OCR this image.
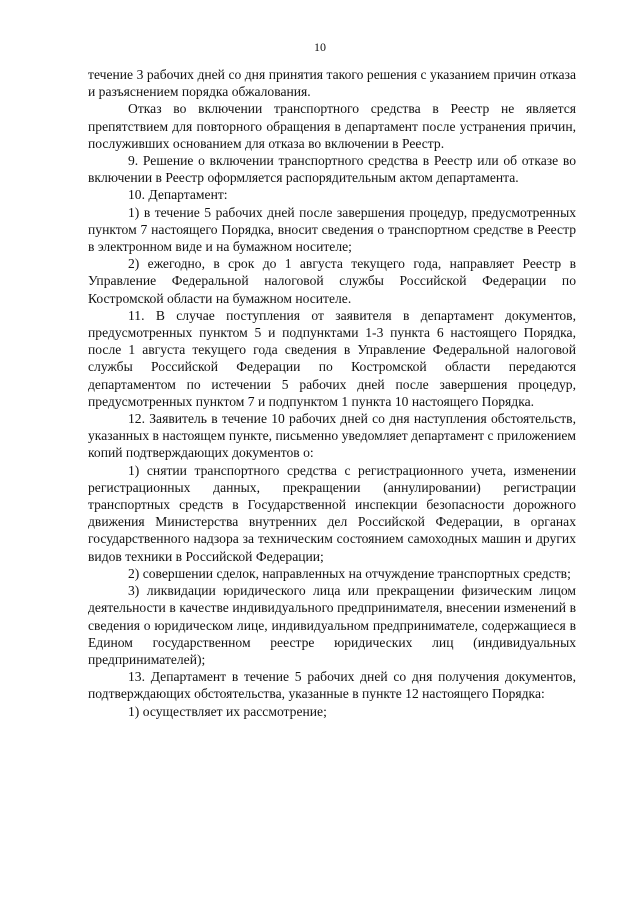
10

течение 3 рабочих дней со дня принятия такого решения с указанием причин отказа и разъяснением порядка обжалования.

Отказ во включении транспортного средства в Реестр не является препятствием для повторного обращения в департамент после устранения причин, послуживших основанием для отказа во включении в Реестр.

9. Решение о включении транспортного средства в Реестр или об отказе во включении в Реестр оформляется распорядительным актом департамента.

10. Департамент:

1) в течение 5 рабочих дней после завершения процедур, предусмотренных пунктом 7 настоящего Порядка, вносит сведения о транспортном средстве в Реестр в электронном виде и на бумажном носителе;

2) ежегодно, в срок до 1 августа текущего года, направляет Реестр в Управление Федеральной налоговой службы Российской Федерации по Костромской области на бумажном носителе.

11. В случае поступления от заявителя в департамент документов, предусмотренных пунктом 5 и подпунктами 1-3 пункта 6 настоящего Порядка, после 1 августа текущего года сведения в Управление Федеральной налоговой службы Российской Федерации по Костромской области передаются департаментом по истечении 5 рабочих дней после завершения процедур, предусмотренных пунктом 7 и подпунктом 1 пункта 10 настоящего Порядка.

12. Заявитель в течение 10 рабочих дней со дня наступления обстоятельств, указанных в настоящем пункте, письменно уведомляет департамент с приложением копий подтверждающих документов о:

1) снятии транспортного средства с регистрационного учета, изменении регистрационных данных, прекращении (аннулировании) регистрации транспортных средств в Государственной инспекции безопасности дорожного движения Министерства внутренних дел Российской Федерации, в органах государственного надзора за техническим состоянием самоходных машин и других видов техники в Российской Федерации;

2) совершении сделок, направленных на отчуждение транспортных средств;

3) ликвидации юридического лица или прекращении физическим лицом деятельности в качестве индивидуального предпринимателя, внесении изменений в сведения о юридическом лице, индивидуальном предпринимателе, содержащиеся в Едином государственном реестре юридических лиц (индивидуальных предпринимателей);

13. Департамент в течение 5 рабочих дней со дня получения документов, подтверждающих обстоятельства, указанные в пункте 12 настоящего Порядка:

1) осуществляет их рассмотрение;
